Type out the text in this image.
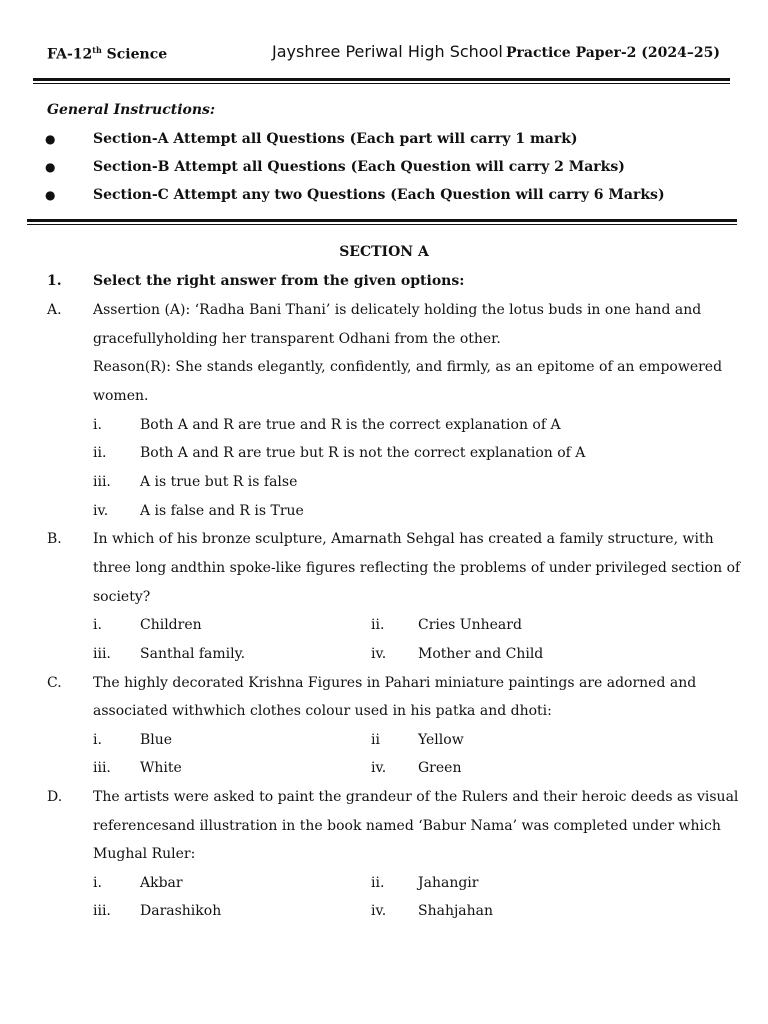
FA-12th Science	Jayshree Periwal High School Practice Paper-2 (2024–25)
General Instructions:
●	Section-A Attempt all Questions (Each part will carry 1 mark)
●	Section-B Attempt all Questions (Each Question will carry 2 Marks)
●	Section-C Attempt any two Questions (Each Question will carry 6 Marks)
SECTION A
1. Select the right answer from the given options:
A. Assertion (A): ‘Radha Bani Thani’ is delicately holding the lotus buds in one hand and
gracefullyholding her transparent Odhani from the other.
Reason(R): She stands elegantly, confidently, and firmly, as an epitome of an empowered
women.
i.	Both A and R are true and R is the correct explanation of A
ii. Both A and R are true but R is not the correct explanation of A
iii. A is true but R is false
iv. A is false and R is True
B. In which of his bronze sculpture, Amarnath Sehgal has created a family structure, with
three long andthin spoke-like figures reflecting the problems of under privileged section of
society?
i.	Children	ii. Cries Unheard
iii. Santhal family.	iv. Mother and Child
C. The highly decorated Krishna Figures in Pahari miniature paintings are adorned and
associated withwhich clothes colour used in his patka and dhoti:
i.	Blue	ii	Yellow
iii. White	iv. Green
D. The artists were asked to paint the grandeur of the Rulers and their heroic deeds as visual
referencesand illustration in the book named ‘Babur Nama’ was completed under which
Mughal Ruler:
i.	Akbar	ii. Jahangir
iii. Darashikoh	iv. Shahjahan
